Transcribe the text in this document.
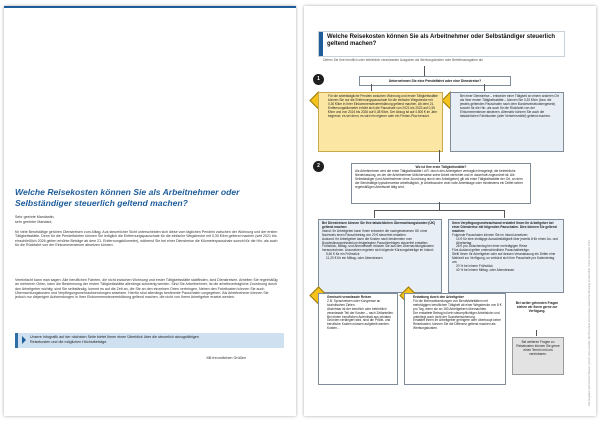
Welche Reisekosten können Sie als Arbeitnehmer oder Selbständiger steuerlich geltend machen?
Sehr geehrte Mandantin,
sehr geehrter Mandant,
für viele Berufstätige gehören Dienstreisen zum Alltag. Aus steuerlicher Sicht unterscheiden sich diese vom täglichen Pendeln zwischen der Wohnung und der ersten Tätigkeitsstätte. Denn für die Pendelfahrten können Sie lediglich die Entfernungspauschale für die einfache Wegstrecke mit 0,30 €/km geltend machen (seit 2021 bis einschließlich 2026 gelten erhöhte Beträge ab dem 21. Entfernungskilometer), während Sie bei einer Dienstreise die Kilometerpauschale sowohl für die Hin- als auch für die Rückfahrt von der Einkommensteuer absetzen können.
Vereinfacht kann man sagen: Alle beruflichen Fahrten, die nicht zwischen Wohnung und erster Tätigkeitsstätte stattfinden, sind Dienstreisen. Arbeiten Sie regelmäßig an mehreren Orten, kann die Bestimmung der ersten Tätigkeitsstätte allerdings schwierig werden. Sind Sie Arbeitnehmer, ist die arbeitsvertragliche Zuordnung durch den Arbeitgeber wichtig; sind Sie selbständig, kommt es auf die Zeit an, die Sie an den einzelnen Orten verbringen. Neben den Fahrtkosten können Sie auch Übernachtungskosten und Verpflegungsmehraufwendungen ansetzen. Hierfür sind allerdings bestimmte Pauschalen vorgegeben. Als Arbeitnehmer können Sie jedoch nur diejenigen Aufwendungen in Ihrer Einkommensteuererklärung geltend machen, die nicht von Ihrem Arbeitgeber ersetzt werden.
Unsere Infografik auf der nächsten Seite bietet Ihnen einen Überblick über die steuerlich abzugsfähigen Reisekosten und die möglichen Höchstbeträge.
Mit freundlichen Grüßen
Welche Reisekosten können Sie als Arbeitnehmer oder Selbständiger steuerlich geltend machen?
Ziehen Sie Ihre beruflich oder betrieblich veranlassten Ausgaben als Werbungskosten oder Betriebsausgaben ab!
Unternehmen Sie eine Pendelfahrt oder eine Dienstreise?
1
Für die arbeitstägliche Pendeln zwischen Wohnung und erster Tätigkeitsstätte können Sie nur die Entfernungspauschale für die einfache Wegstrecke mit 0,30 €/km in Ihrer Einkommensteuererklärung geltend machen. Ab dem 21. Entfernungskilometer erhöht sich die Pauschale von 2021 bis 2023 auf 0,35 €/km und von 2024 bis 2026 auf 0,38 €/km. Der Abzug ist auf 4.500 € im Jahr begrenzt, es sei denn, es wird ein eigener oder ein Firmen-Pkw benutzt.
Bei einer Dienstreise – entweder einer Tätigkeit an einem anderen Ort als Ihrer ersten Tätigkeitsstätte – können Sie 0,30 €/km (bzw. die jeweils geltenden Pauschalen nach dem Bundesreisekostengesetz) sowohl für die Hin- als auch für die Rückfahrt von der Einkommensteuer absetzen. Alternativ können Sie auch die tatsächlichen Fahrtkosten (aller Verkehrsmittel) geltend machen.
Wo ist Ihre erste Tätigkeitsstätte?
Als Arbeitnehmer wird die erste Tätigkeitsstätte i.d.R. durch den Arbeitgeber vertraglich festgelegt; die betriebliche Niederlassung, an der der Arbeitnehmer üblicherweise seine Arbeit verrichtet und er dauerhaft zugeordnet ist. Als Selbständiger (und Arbeitnehmer ohne Zuordnung durch den Arbeitgeber) gilt als erste Tätigkeitsstätte der Ort, an dem der Berufstätige typischerweise arbeitstäglich, je Arbeitswoche zwei volle Arbeitstage oder mindestens ein Drittel seiner regelmäßigen Arbeitszeit tätig wird.
2
Bei Dienstreisen können Sie Ihre tatsächlichen Übernachtungskosten (ÜK) geltend machen:
Inland: Ihr Arbeitgeber kann Ihnen entweder die nachgewiesenen ÜK ohne Nachweis einen Pauschbetrag von 20 € steuerfrei erstatten.
Ausland: Ihr Arbeitgeber kann die Kosten nach bestimmten vom Bundesfinanzministerium festgelegten Pauschbeträgen steuerfrei erstatten.
Frühstück, Mittag- und Abendessen müssen Sie aus den Übernachtungskosten herausrechnen. Anzusetzen ergeben sich folgende Kürzungsbeträge im Inland:
5,60 € für ein Frühstück
11,20 € für ein Mittag- oder Abendessen
Ihren Verpflegungsmehraufwand erstattet Ihnen Ihr Arbeitgeber bei einer Dienstreise mit folgenden Pauschalen. Dies können Sie geltend machen:
Folgende Pauschalen können Sie im Inland ansetzen:
14 € für eine eintägige Auswärtstätigkeit über jeweils 8 für einen An- und Abreisetag
28 € pro Zwischentag bei einer mehrtägigen Reise
Fürs Ausland gelten unterschiedliche Pauschalbeträge.
Stellt Ihnen Ihr Arbeitgeber oder auf dessen Veranlassung ein Dritter eine Mahlzeit zur Verfügung, so verkürzt sich Ihre Pauschale pro Kalendertag um:
20 % bei einem Frühstück
40 % bei einem Mittag- oder Abendessen
Gemischt veranlasste Reisen
Z.B. Sprachreisen oder Kongresse an touristischen Zielen.
Abziehbar ist der beruflich oder betrieblich veranlasste Teil der Kosten – nach Zeitanteilen. Bei einem beruflichen Aufenthalt aus privaten Gründen verlängert wird, sind die Privat- und berufliche Kosten müssen aufgeteilt werden. Kosten...
Erstattung durch den Arbeitgeber
Für die Mehraufwendungen von Berufsfahrttätern mit mehrtägigen beruflichen Tätigkeit ab einer Wegstrecke von 8 € pro Tag, wenn sie an 183 Arbeitgebern übernachten.
Der erstattete Betrag ist kein steuerpflichtiger Arbeitslohn und unterliegt auch nicht der Sozialversicherung.
Erstattet Ihnen Ihr Arbeitgeber geringere oder überhaupt keine Reisekosten, können Sie die Differenz geltend machen als Werbungskosten.
Bei weiter gehenden Fragen stehen wir Ihnen gerne zur Verfügung.
Bei weiteren Fragen zu Reisekosten können Sie gerne einen Termin mit uns vereinbaren.	Alle Angaben nach bestem Wissen, jedoch ohne Gewähr. Die Broschüre ersetzt keine steuerliche Beratung im Einzelfall. Stand: Dezember 2023
